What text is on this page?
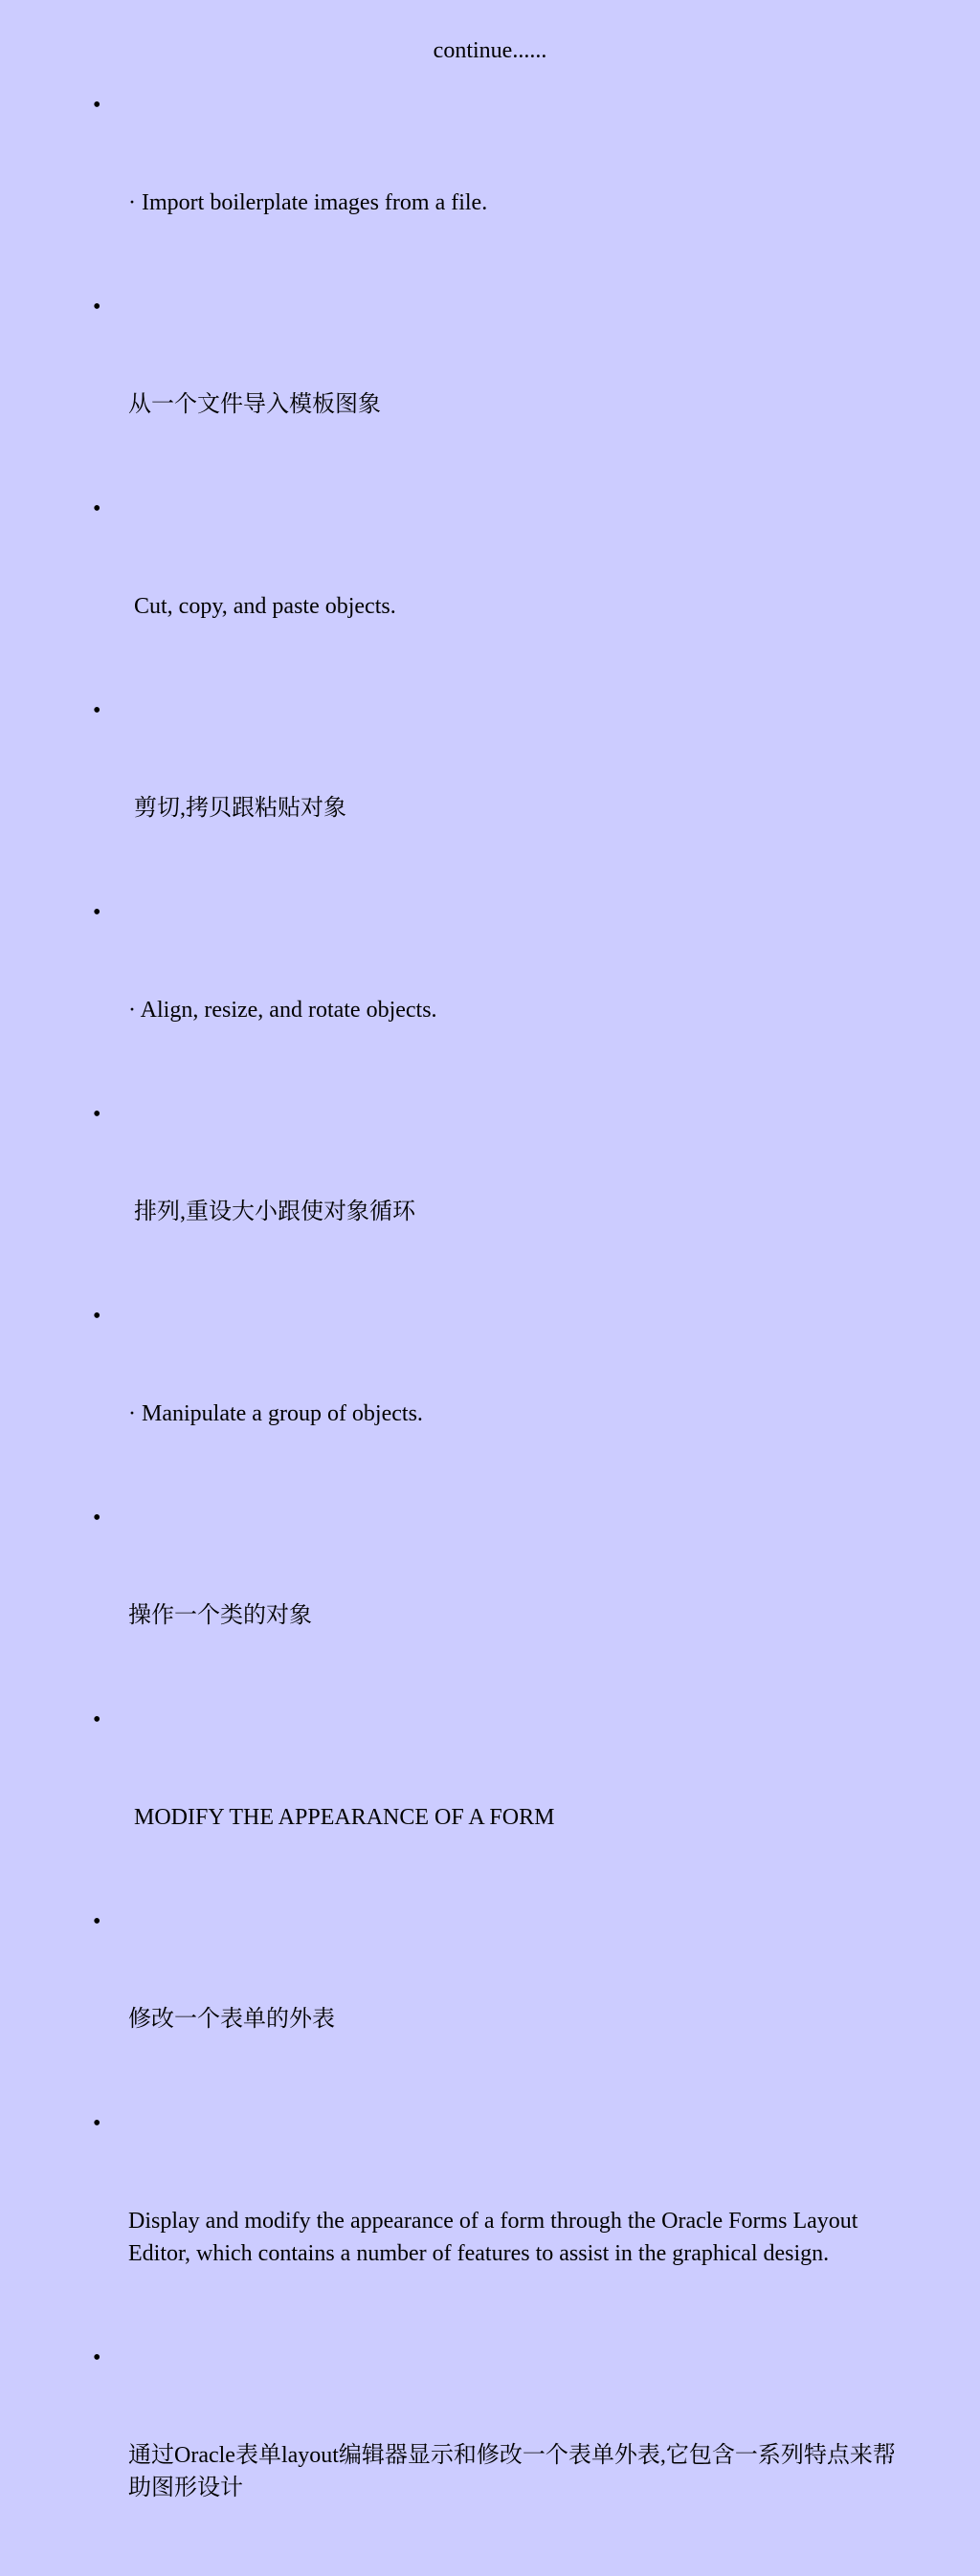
continue......

•

· Import boilerplate images from a file.

•

从一个文件导入模板图象

•

Cut, copy, and paste objects.

•

剪切,拷贝跟粘贴对象

•

· Align, resize, and rotate objects.

•

排列,重设大小跟使对象循环

•

· Manipulate a group of objects.

•

操作一个类的对象

•

MODIFY THE APPEARANCE OF A FORM

•

修改一个表单的外表

•

Display and modify the appearance of a form through the Oracle Forms Layout Editor, which contains a number of features to assist in the graphical design.

•

通过Oracle表单layout编辑器显示和修改一个表单外表,它包含一系列特点来帮助图形设计
